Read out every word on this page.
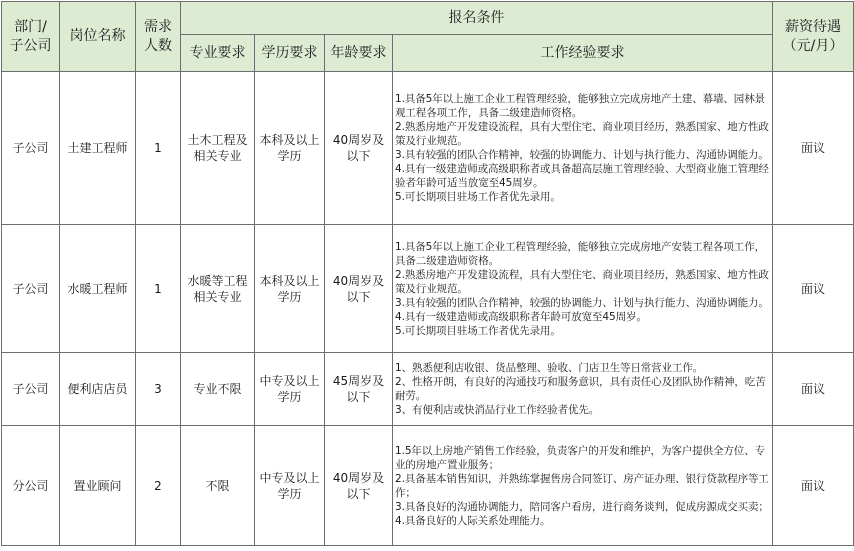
部门/
子公司	岗位名称	需求
人数	报名条件				薪资待遇
（元/月）

			专业要求	学历要求	年龄要求	工作经验要求	

子公司	土建工程师	1	土木工程及相关专业	本科及以上学历	40周岁及以下	1.具备5年以上施工企业工程管理经验，能够独立完成房地产土建、幕墙、园林景观工程各项工作，具备二级建造师资格。
2.熟悉房地产开发建设流程，具有大型住宅、商业项目经历，熟悉国家、地方性政策及行业规范。
3.具有较强的团队合作精神，较强的协调能力、计划与执行能力、沟通协调能力。
4.具有一级建造师或高级职称者或具备超高层施工管理经验、大型商业施工管理经验者年龄可适当放宽至45周岁。
5.可长期项目驻场工作者优先录用。	面议

子公司	水暖工程师	1	水暖等工程相关专业	本科及以上学历	40周岁及以下	1.具备5年以上施工企业工程管理经验，能够独立完成房地产安装工程各项工作，具备二级建造师资格。
2.熟悉房地产开发建设流程，具有大型住宅、商业项目经历，熟悉国家、地方性政策及行业规范。
3.具有较强的团队合作精神，较强的协调能力、计划与执行能力、沟通协调能力。
4.具有一级建造师或高级职称者年龄可放宽至45周岁。
5.可长期项目驻场工作者优先录用。	面议

子公司	便利店店员	3	专业不限	中专及以上学历	45周岁及以下	1、熟悉便利店收银、货品整理、验收、门店卫生等日常营业工作。
2、性格开朗，有良好的沟通技巧和服务意识，具有责任心及团队协作精神，吃苦耐劳。
3、有便利店或快消品行业工作经验者优先。	面议

分公司	置业顾问	2	不限	中专及以上学历	40周岁及以下	1.5年以上房地产销售工作经验，负责客户的开发和维护，为客户提供全方位、专业的房地产置业服务；
2.具备基本销售知识，并熟练掌握售房合同签订、房产证办理、银行贷款程序等工作；
3.具备良好的沟通协调能力，陪同客户看房，进行商务谈判，促成房源成交买卖；
4.具备良好的人际关系处理能力。	面议
